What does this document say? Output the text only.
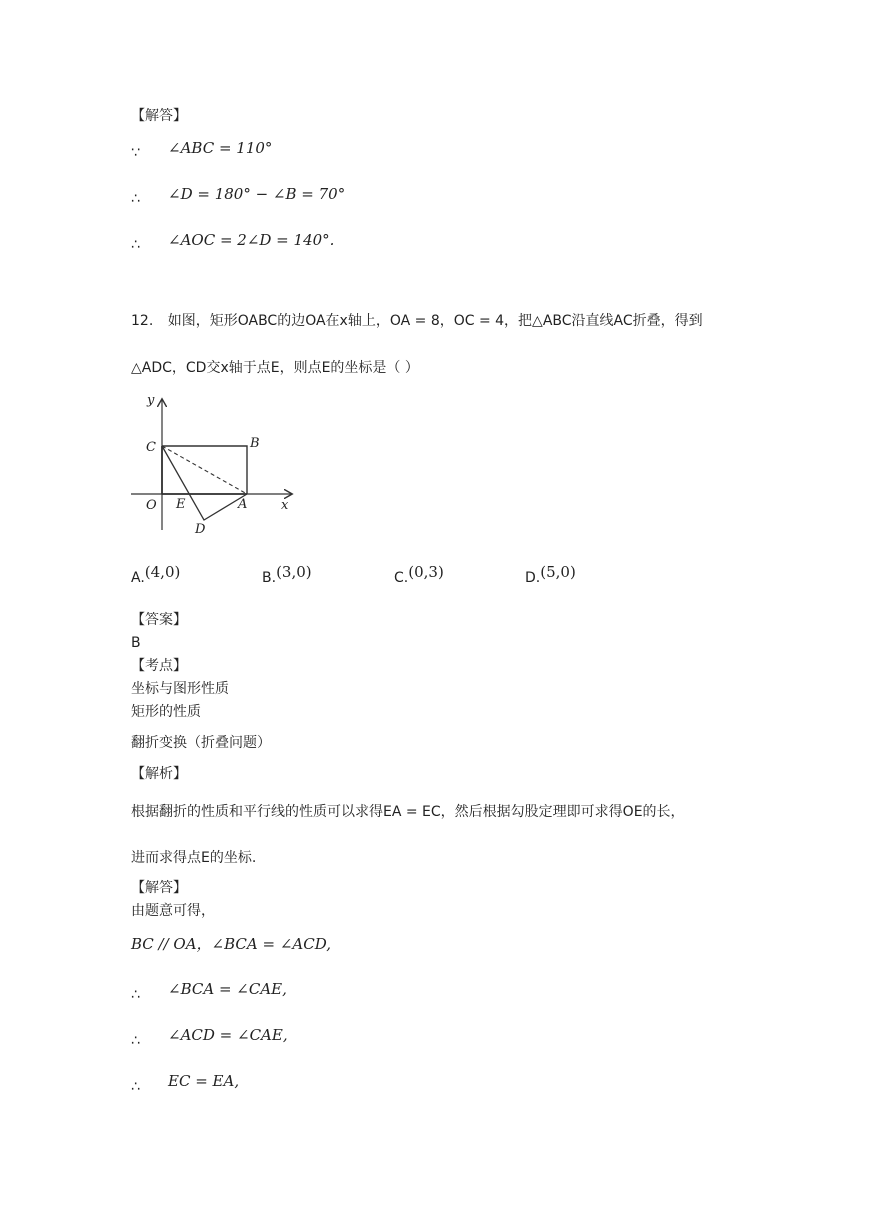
【解答】
∵ ∠ABC = 110°
∴ ∠D = 180° − ∠B = 70°
∴ ∠AOC = 2∠D = 140°.
12. 如图，矩形OABC的边OA在x轴上，OA = 8，OC = 4，把△ABC沿直线AC折叠，得到
△ADC，CD交x轴于点E，则点E的坐标是（ ）
y
x
C	B
O E	A
D
A.(4,0)	B.(3,0)	C.(0,3)	D.(5,0)
【答案】
B
【考点】
坐标与图形性质
矩形的性质
翻折变换（折叠问题）
【解析】
根据翻折的性质和平行线的性质可以求得EA = EC，然后根据勾股定理即可求得OE的长，
进而求得点E的坐标.
【解答】
由题意可得，
BC // OA，∠BCA = ∠ACD,
∴ ∠BCA = ∠CAE,
∴ ∠ACD = ∠CAE,
∴ EC = EA,
